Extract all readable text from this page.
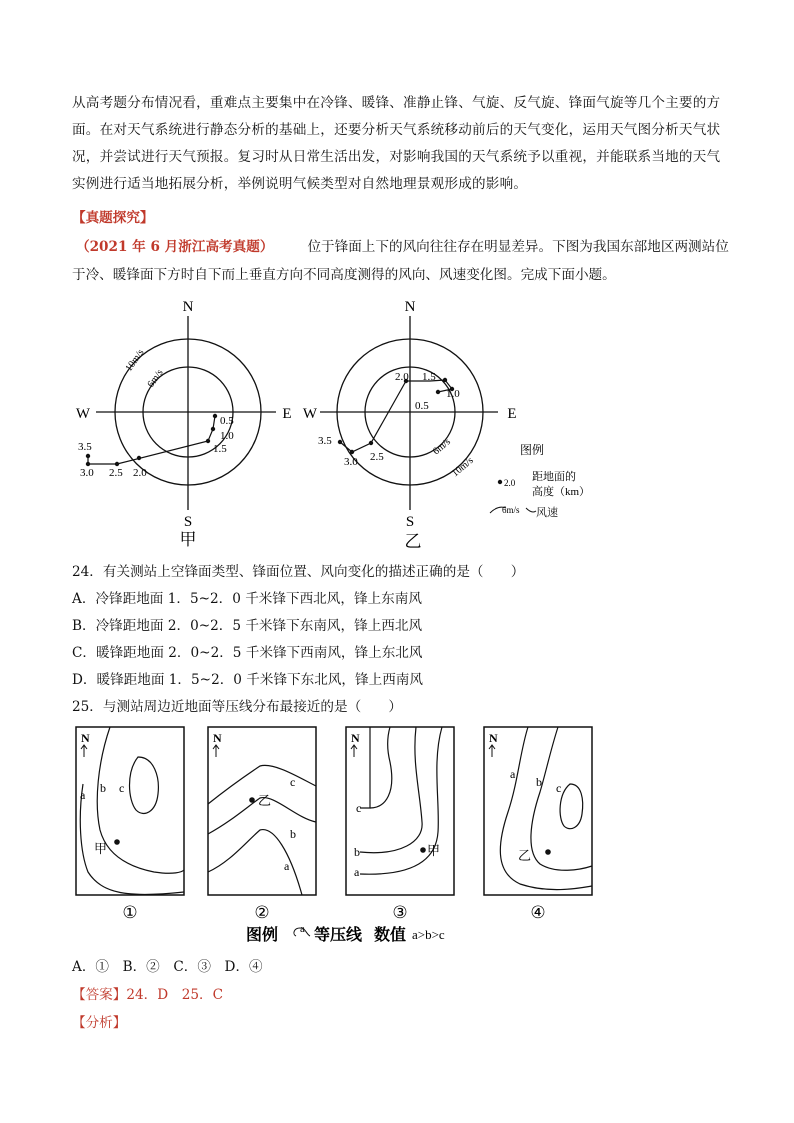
从高考题分布情况看，重难点主要集中在冷锋、暖锋、准静止锋、气旋、反气旋、锋面气旋等几个主要的方面。在对天气系统进行静态分析的基础上，还要分析天气系统移动前后的天气变化，运用天气图分析天气状况，并尝试进行天气预报。复习时从日常生活出发，对影响我国的天气系统予以重视，并能联系当地的天气实例进行适当地拓展分析，举例说明气候类型对自然地理景观形成的影响。
【真题探究】
（2021 年 6 月浙江高考真题）	位于锋面上下的风向往往存在明显差异。下图为我国东部地区两测站位
于冷、暖锋面下方时自下而上垂直方向不同高度测得的风向、风速变化图。完成下面小题。
N
S
W	E
10m/s
6m/s
0.5
1.0
1.5
2.0
2.5
3.0
3.5
甲
N
S
W	E
6m/s
10m/s
0.5
1.0
1.5
2.0
2.5
3.0
3.5
乙
图例
2.0 距地面的
高度（km）
6m/s 风速
24．有关测站上空锋面类型、锋面位置、风向变化的描述正确的是（　　）
A．冷锋距地面 1．5~2．0 千米锋下西北风，锋上东南风
B．冷锋距地面 2．0~2．5 千米锋下东南风，锋上西北风
C．暖锋距地面 2．0~2．5 千米锋下西南风，锋上东北风
D．暖锋距地面 1．5~2．0 千米锋下东北风，锋上西南风
25．与测站周边近地面等压线分布最接近的是（　　）
N
a b c
甲
①
N
c
b
a
乙
②
N
c
b
a
甲
③
N
a
b c
乙
④
图例 a 等压线 数值 a>b>c
A．①　B．②　C．③　D．④
【答案】24．D　25．C
【分析】
